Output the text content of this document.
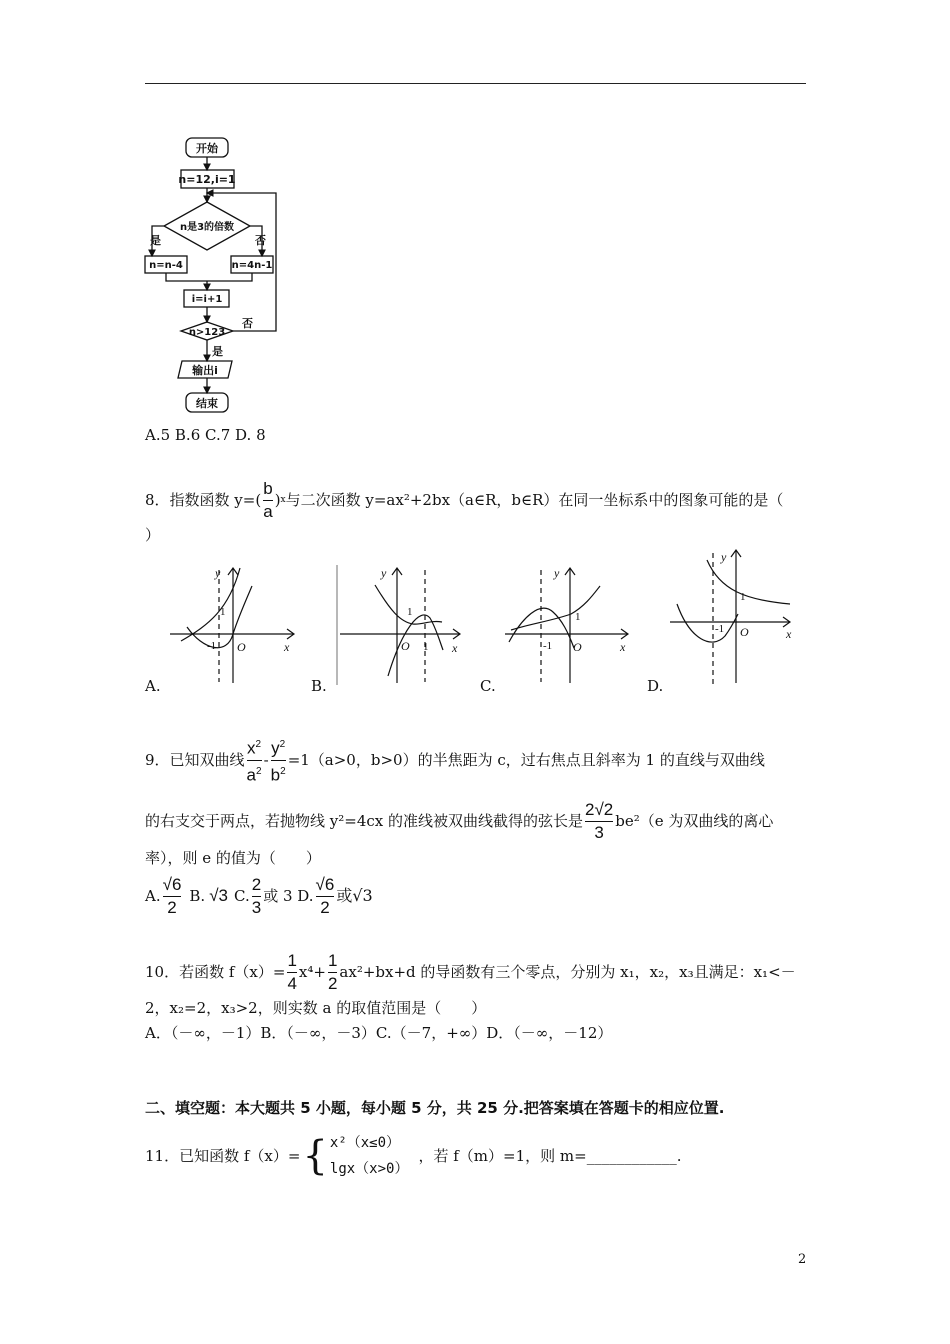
开始
n=12,i=1
n是3的倍数
是	否
n=n-4	n=4n-1
i=i+1
n>123
否
是
输出i
结束
A.5 B.6 C.7 D. 8
8．指数函数 $y=( \frac{b}{a}$ ) x 与二次函数 y=ax²+2bx（a∈R，b∈R）在同一坐标系中的图象可能的是（
）
y
x
O
1
-1
A.
y
x
O
1
1
B.
y
x
O
1
-1
C.
y
x
O
1
-1
D.
9．已知双曲线 $\frac{x^2}{a^2} - \frac{y^2}{b^2} =1(a>0$，b>0）的半焦距为 c，过右焦点且斜率为 1 的直线与双曲线
的右支交于两点，若抛物线 y²=4cx 的准线被双曲线截得的弦长是 $\frac{2√2}{3} be^2(e$ 为双曲线的离心
率），则 e 的值为（　　）
A. $\frac{√6}{2} B$. √3 C. $\frac{2}{3}$ 或 3 D. $\frac{√6}{2}$ 或√3
10．若函数 $f(x)= \frac{1}{4} x^4+ \frac{1}{2} ax^2+bx+d$ 的导函数有三个零点，分别为 x₁，x₂，x₃且满足：x₁<－
2，x₂=2，x₃>2，则实数 a 的取值范围是（　　）
A．（－∞，－1）B．（－∞，－3）C.（－7，+∞）D．（－∞，－12）
二、填空题：本大题共 5 小题，每小题 5 分，共 25 分.把答案填在答题卡的相应位置.
11．已知函数 f（x）= { x²（x≤0）
lgx（x>0）
，若 f（m）=1，则 m= ____________ .
2
